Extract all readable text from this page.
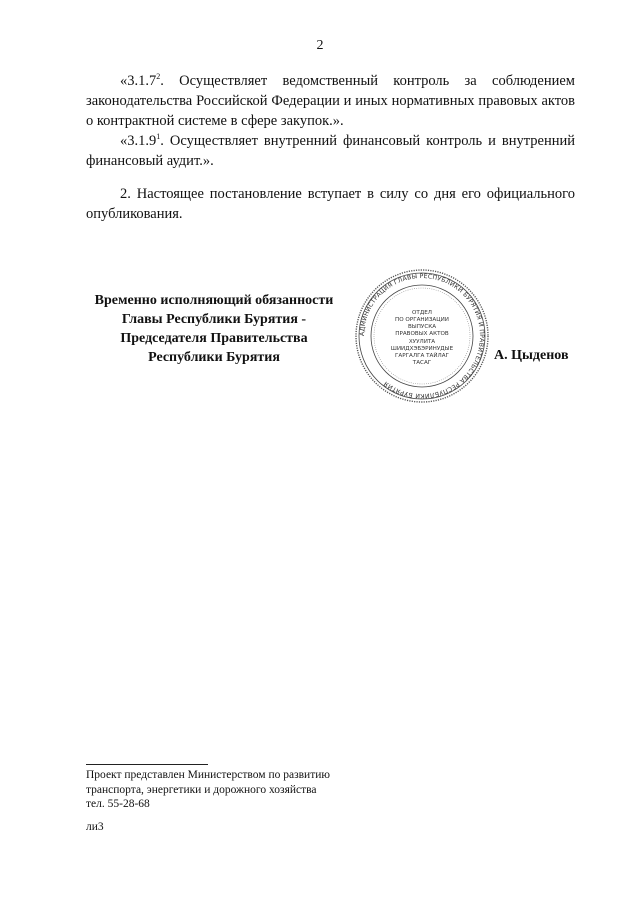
2

«3.1.7$^2$. Осуществляет ведомственный контроль за соблюдением законодательства Российской Федерации и иных нормативных правовых актов о контрактной системе в сфере закупок.».

«3.1.9$^1$. Осуществляет внутренний финансовый контроль и внутренний финансовый аудит.».

2. Настоящее постановление вступает в силу со дня его официального опубликования.

Временно исполняющий обязанности
Главы Республики Бурятия -
Председателя Правительства
Республики Бурятия
АДМИНИСТРАЦИЯ ГЛАВЫ РЕСПУБЛИКИ БУРЯТИЯ И ПРАВИТЕЛЬСТВА РЕСПУБЛИКИ БУРЯТИЯ
ОТДЕЛ
ПО ОРГАНИЗАЦИИ
ВЫПУСКА
ПРАВОВЫХ АКТОВ
ХУУЛИТА
ШИИДХЭБЭРИНУДЫЕ
ГАРГАЛГА ТАЙЛАГ
ТАСАГ	А. Цыденов
Проект представлен Министерством по развитию
транспорта, энергетики и дорожного хозяйства
тел. 55-28-68
ли3
